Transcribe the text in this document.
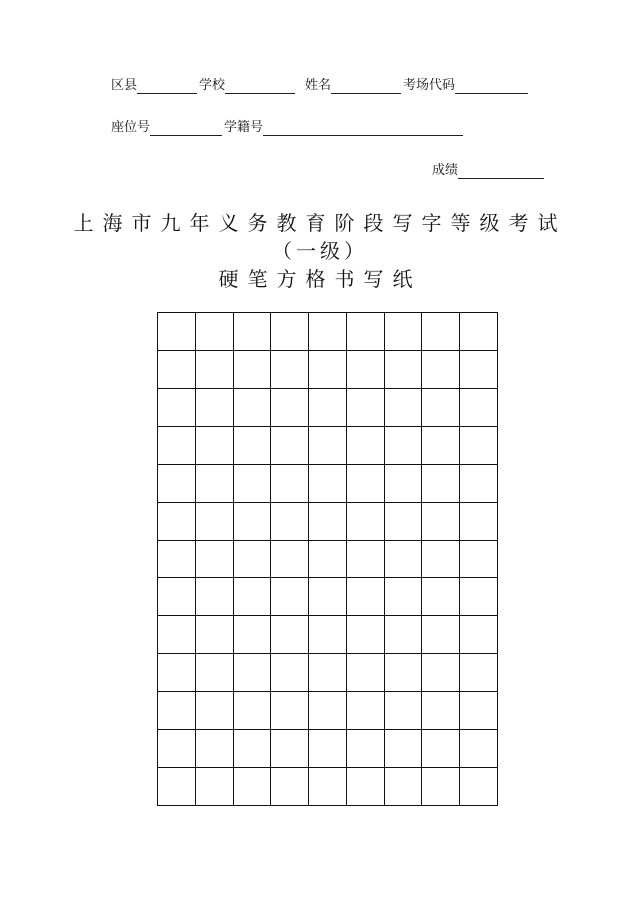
区县	学校	姓名	考场代码
座位号	学籍号
成绩
上海市九年义务教育阶段写字等级考试
（一级）
硬笔方格书写纸
